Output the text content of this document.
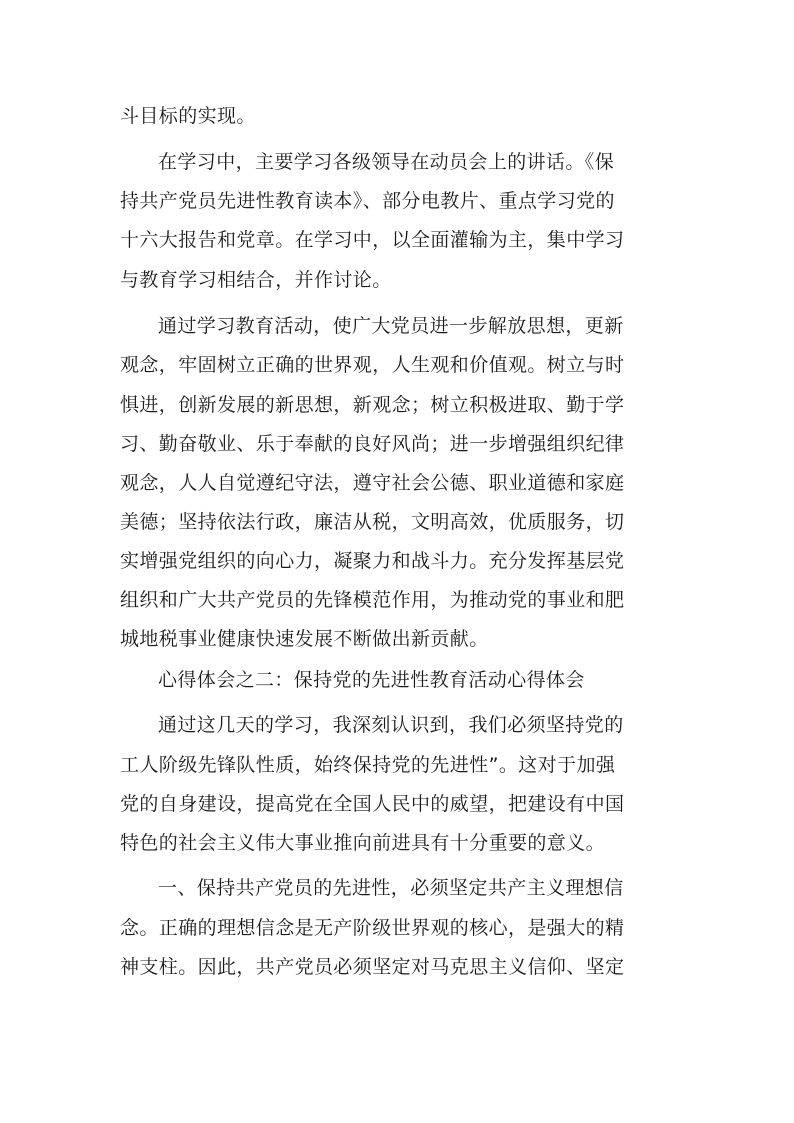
斗目标的实现。
在学习中，主要学习各级领导在动员会上的讲话。《保
持共产党员先进性教育读本》、部分电教片、重点学习党的
十六大报告和党章。在学习中，以全面灌输为主，集中学习
与教育学习相结合，并作讨论。
通过学习教育活动，使广大党员进一步解放思想，更新
观念，牢固树立正确的世界观，人生观和价值观。树立与时
惧进，创新发展的新思想，新观念；树立积极进取、勤于学
习、勤奋敬业、乐于奉献的良好风尚；进一步增强组织纪律
观念，人人自觉遵纪守法，遵守社会公德、职业道德和家庭
美德；坚持依法行政，廉洁从税，文明高效，优质服务，切
实增强党组织的向心力，凝聚力和战斗力。充分发挥基层党
组织和广大共产党员的先锋模范作用，为推动党的事业和肥
城地税事业健康快速发展不断做出新贡献。
心得体会之二：保持党的先进性教育活动心得体会
通过这几天的学习，我深刻认识到，我们必须坚持党的
工人阶级先锋队性质，始终保持党的先进性”。这对于加强
党的自身建设，提高党在全国人民中的威望，把建设有中国
特色的社会主义伟大事业推向前进具有十分重要的意义。
一、保持共产党员的先进性，必须坚定共产主义理想信
念。正确的理想信念是无产阶级世界观的核心，是强大的精
神支柱。因此，共产党员必须坚定对马克思主义信仰、坚定
